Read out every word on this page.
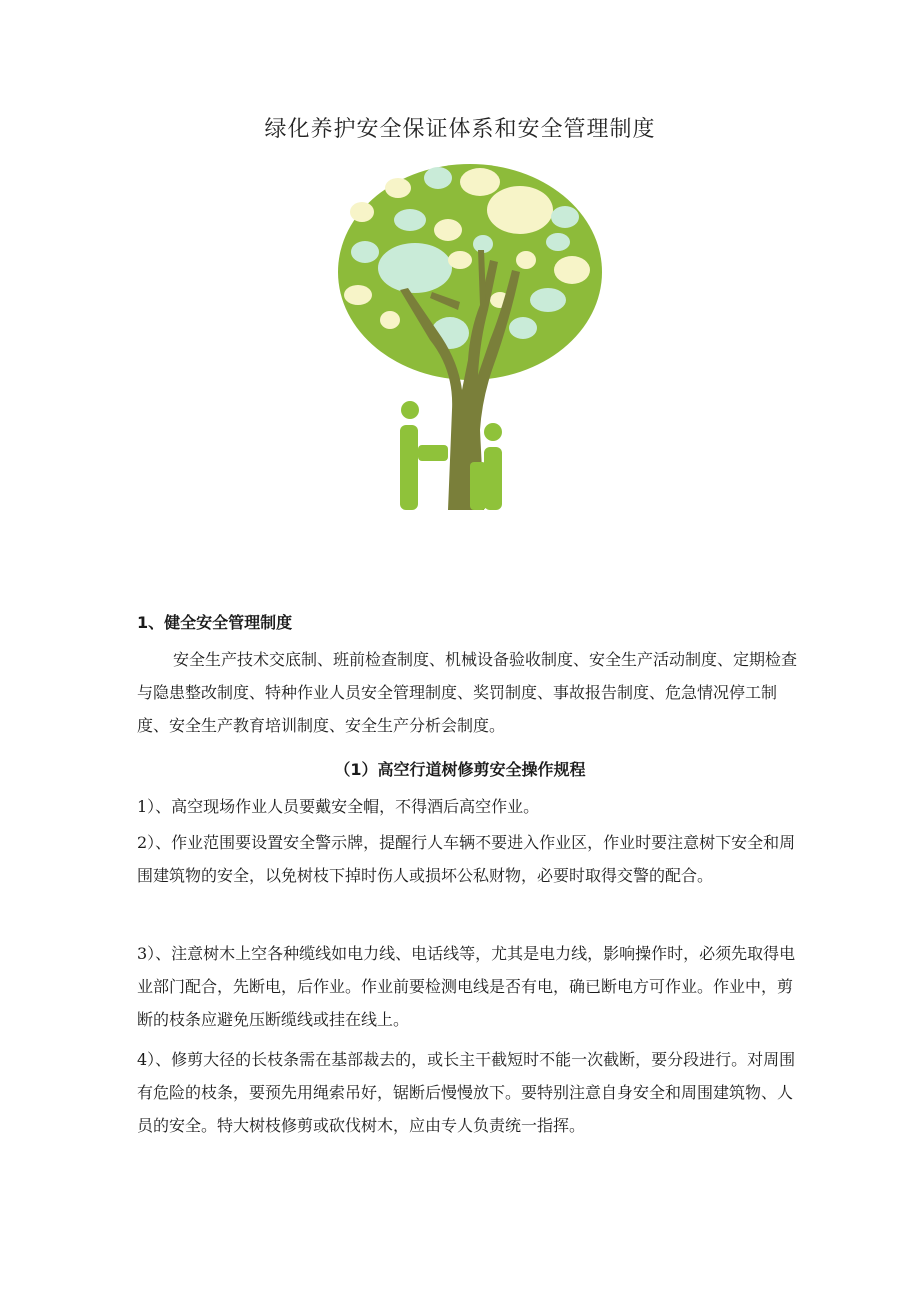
绿化养护安全保证体系和安全管理制度
1、健全安全管理制度

安全生产技术交底制、班前检查制度、机械设备验收制度、安全生产活动制度、定期检查与隐患整改制度、特种作业人员安全管理制度、奖罚制度、事故报告制度、危急情况停工制度、安全生产教育培训制度、安全生产分析会制度。

（1）高空行道树修剪安全操作规程

1）、高空现场作业人员要戴安全帽，不得酒后高空作业。

2）、作业范围要设置安全警示牌，提醒行人车辆不要进入作业区，作业时要注意树下安全和周围建筑物的安全，以免树枝下掉时伤人或损坏公私财物，必要时取得交警的配合。

3）、注意树木上空各种缆线如电力线、电话线等，尤其是电力线，影响操作时，必须先取得电业部门配合，先断电，后作业。作业前要检测电线是否有电，确已断电方可作业。作业中，剪断的枝条应避免压断缆线或挂在线上。

4）、修剪大径的长枝条需在基部裁去的，或长主干截短时不能一次截断，要分段进行。对周围有危险的枝条，要预先用绳索吊好，锯断后慢慢放下。要特别注意自身安全和周围建筑物、人员的安全。特大树枝修剪或砍伐树木，应由专人负责统一指挥。
